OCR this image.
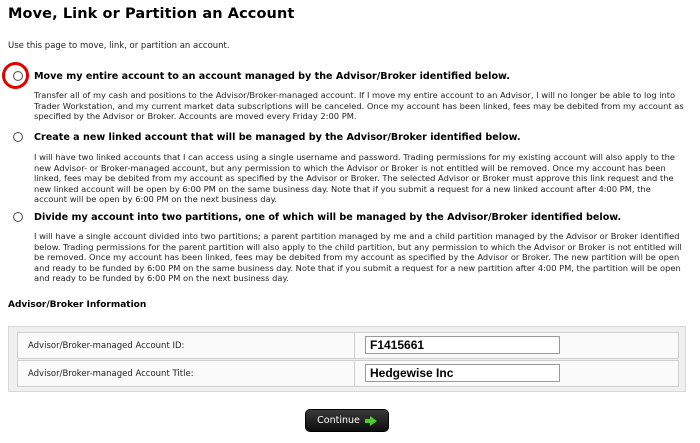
Move, Link or Partition an Account
Use this page to move, link, or partition an account.
Move my entire account to an account managed by the Advisor/Broker identified below.
Transfer all of my cash and positions to the Advisor/Broker-managed account. If I move my entire account to an Advisor, I will no longer be able to log into Trader Workstation, and my current market data subscriptions will be canceled. Once my account has been linked, fees may be debited from my account as specified by the Advisor or Broker. Accounts are moved every Friday 2:00 PM.
Create a new linked account that will be managed by the Advisor/Broker identified below.
I will have two linked accounts that I can access using a single username and password. Trading permissions for my existing account will also apply to the new Advisor- or Broker-managed account, but any permission to which the Advisor or Broker is not entitled will be removed. Once my account has been linked, fees may be debited from my account as specified by the Advisor or Broker. The selected Advisor or Broker must approve this link request and the new linked account will be open by 6:00 PM on the same business day. Note that if you submit a request for a new linked account after 4:00 PM, the account will be open by 6:00 PM on the next business day.
Divide my account into two partitions, one of which will be managed by the Advisor/Broker identified below.
I will have a single account divided into two partitions; a parent partition managed by me and a child partition managed by the Advisor or Broker identified below. Trading permissions for the parent partition will also apply to the child partition, but any permission to which the Advisor or Broker is not entitled will be removed. Once my account has been linked, fees may be debited from my account as specified by the Advisor or Broker. The new partition will be open and ready to be funded by 6:00 PM on the same business day. Note that if you submit a request for a new partition after 4:00 PM, the partition will be open and ready to be funded by 6:00 PM on the next business day.
Advisor/Broker Information
Advisor/Broker-managed Account ID:
F1415661
Advisor/Broker-managed Account Title:
Hedgewise Inc
Continue
